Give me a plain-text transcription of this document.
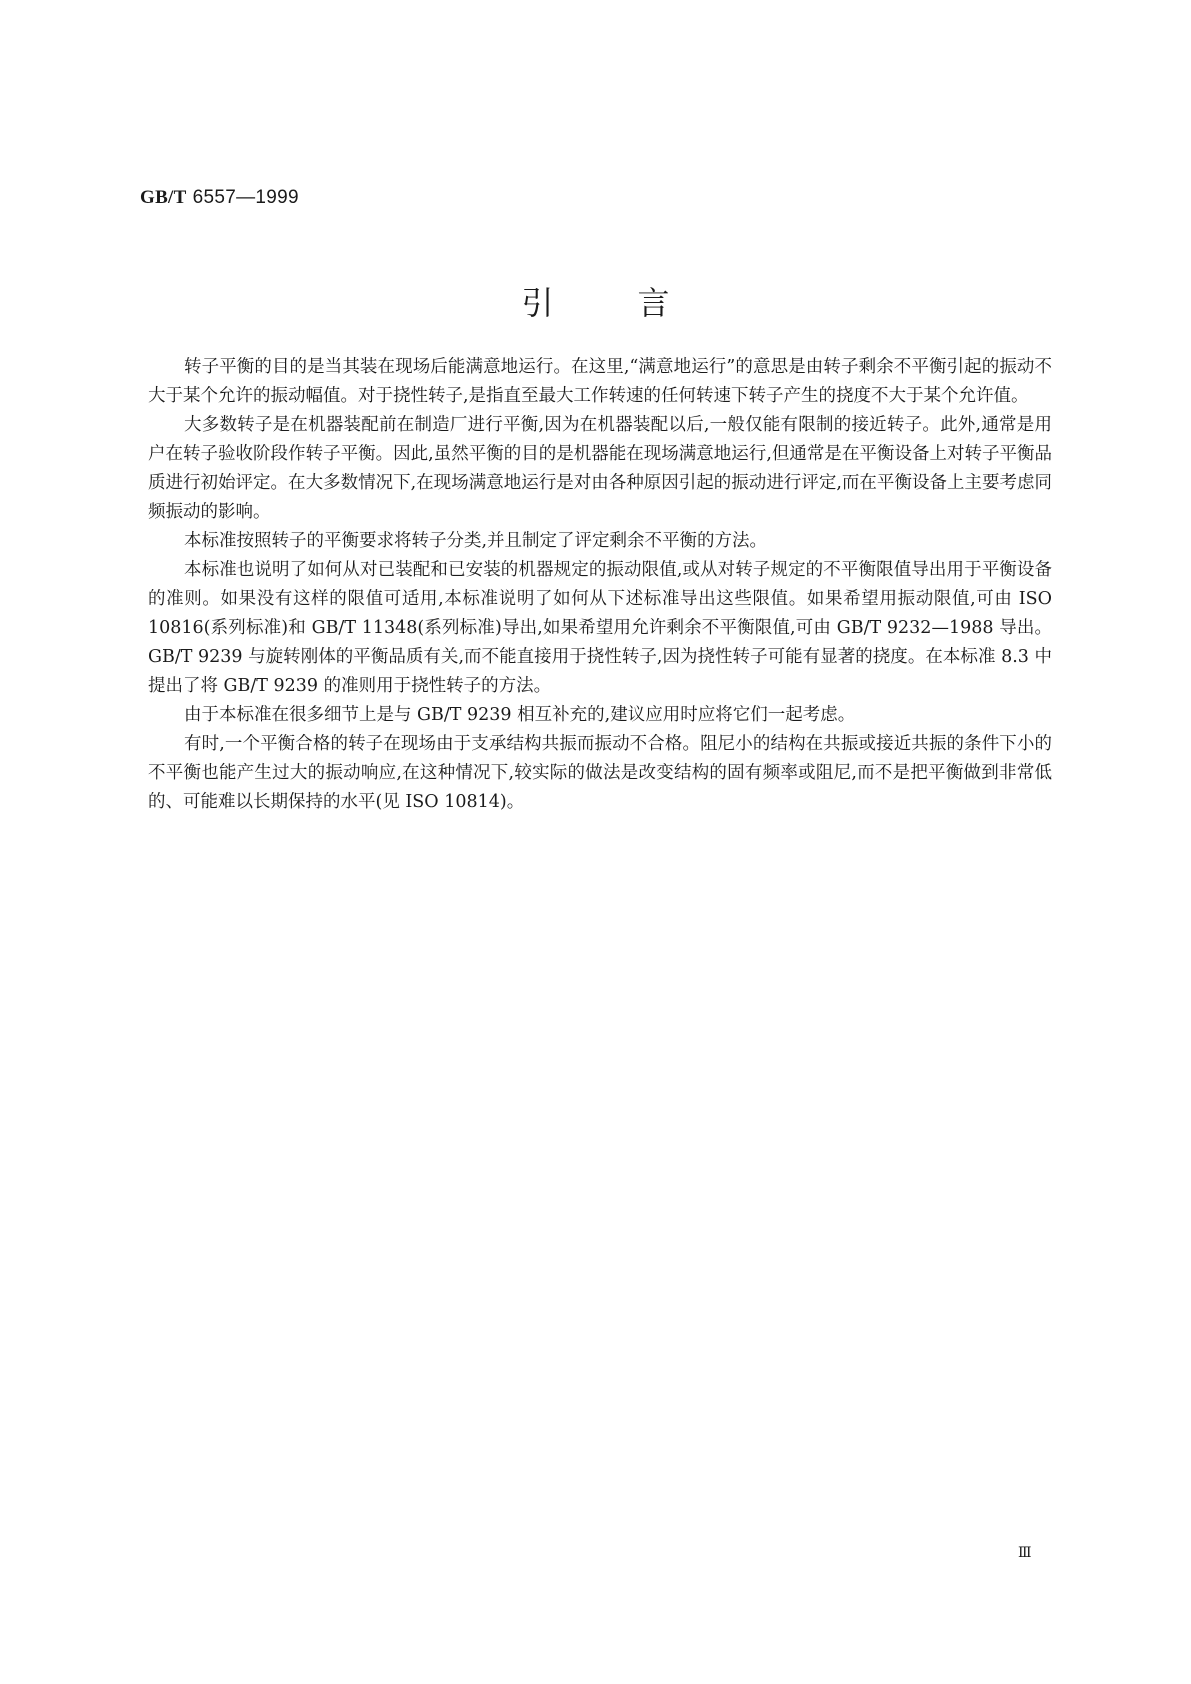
GB/T 6557—1999
引言

转子平衡的目的是当其装在现场后能满意地运行。在这里,“满意地运行”的意思是由转子剩余不平衡引起的振动不大于某个允许的振动幅值。对于挠性转子,是指直至最大工作转速的任何转速下转子产生的挠度不大于某个允许值。

大多数转子是在机器装配前在制造厂进行平衡,因为在机器装配以后,一般仅能有限制的接近转子。此外,通常是用户在转子验收阶段作转子平衡。因此,虽然平衡的目的是机器能在现场满意地运行,但通常是在平衡设备上对转子平衡品质进行初始评定。在大多数情况下,在现场满意地运行是对由各种原因引起的振动进行评定,而在平衡设备上主要考虑同频振动的影响。

本标准按照转子的平衡要求将转子分类,并且制定了评定剩余不平衡的方法。

本标准也说明了如何从对已装配和已安装的机器规定的振动限值,或从对转子规定的不平衡限值导出用于平衡设备的准则。如果没有这样的限值可适用,本标准说明了如何从下述标准导出这些限值。如果希望用振动限值,可由 ISO 10816(系列标准)和 GB/T 11348(系列标准)导出,如果希望用允许剩余不平衡限值,可由 GB/T 9232—1988 导出。GB/T 9239 与旋转刚体的平衡品质有关,而不能直接用于挠性转子,因为挠性转子可能有显著的挠度。在本标准 8.3 中提出了将 GB/T 9239 的准则用于挠性转子的方法。

由于本标准在很多细节上是与 GB/T 9239 相互补充的,建议应用时应将它们一起考虑。

有时,一个平衡合格的转子在现场由于支承结构共振而振动不合格。阻尼小的结构在共振或接近共振的条件下小的不平衡也能产生过大的振动响应,在这种情况下,较实际的做法是改变结构的固有频率或阻尼,而不是把平衡做到非常低的、可能难以长期保持的水平(见 ISO 10814)。

Ⅲ
